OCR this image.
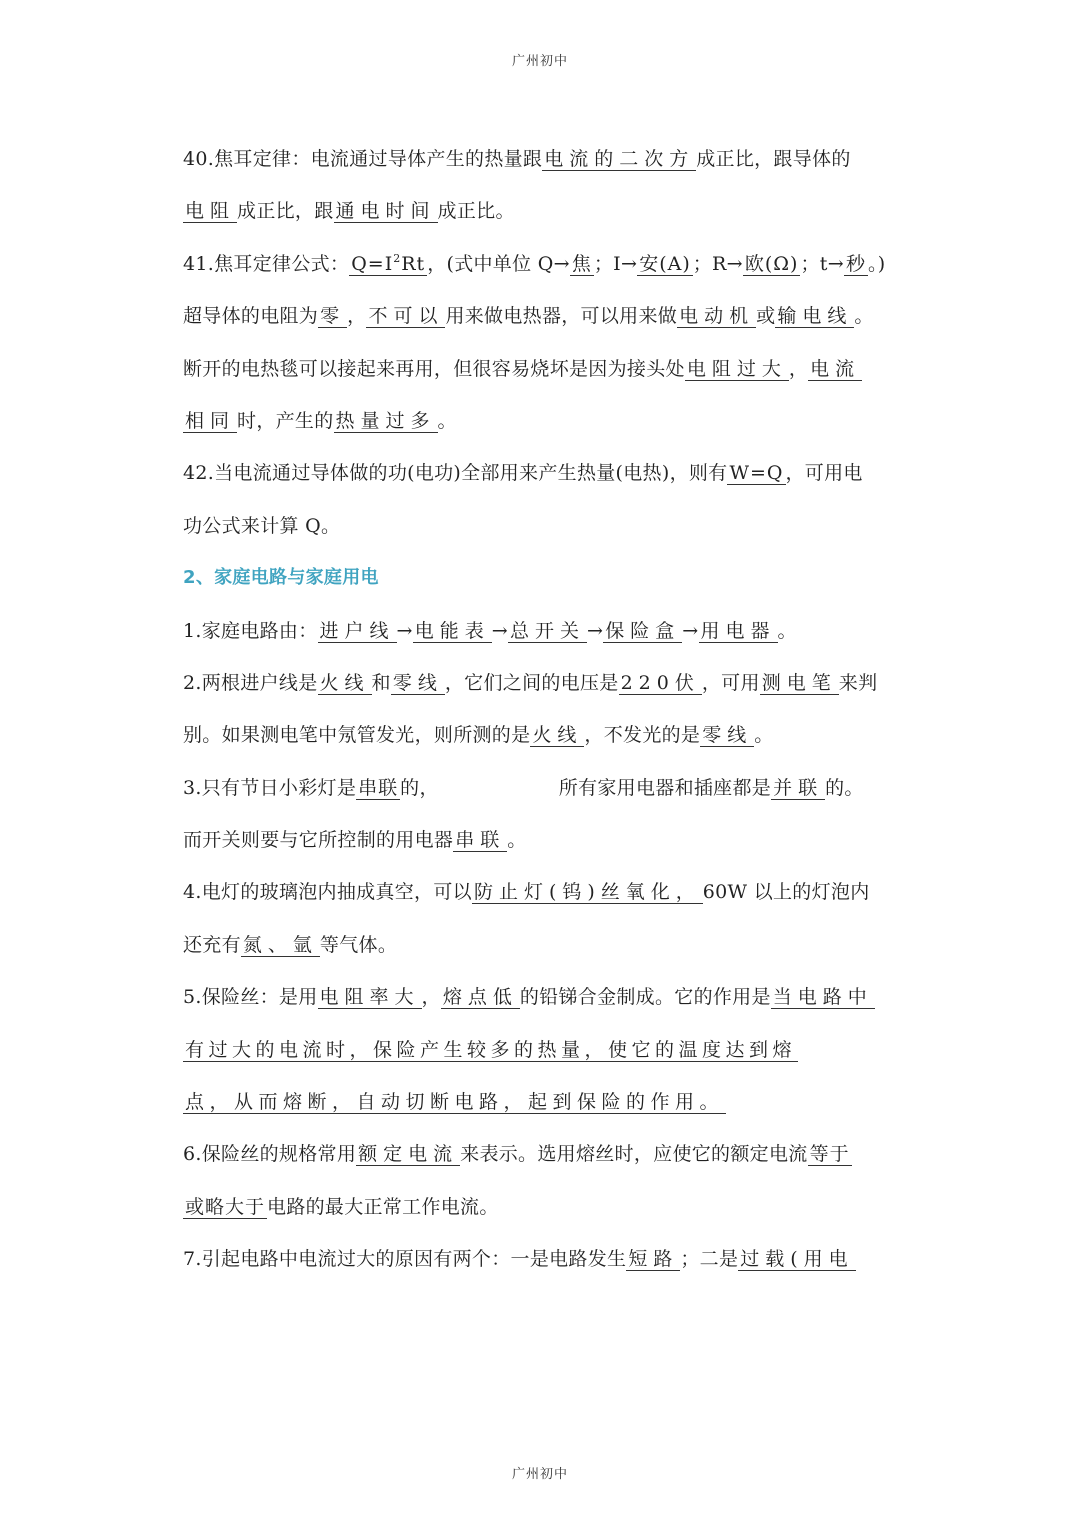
广州初中
40.焦耳定律：电流通过导体产生的热量跟 电流的二次方 成正比，跟导体的
电阻 成正比，跟 通电时间 成正比。
41.焦耳定律公式： $Q=I^2Rt$ ，(式中单位 Q→ 焦 ；I→ 安(A) ；R→ 欧(Ω) ；t→ 秒 。)
超导体的电阻为 零 ， 不可以 用来做电热器，可以用来做 电动机 或 输电线 。
断开的电热毯可以接起来再用，但很容易烧坏是因为接头处 电阻过大 ， 电流
相同 时，产生的 热量过多 。
42.当电流通过导体做的功(电功)全部用来产生热量(电热)，则有 W=Q ，可用电
功公式来计算 Q。
2、家庭电路与家庭用电
1.家庭电路由： 进户线 → 电能表 → 总开关 → 保险盒 → 用电器 。
2.两根进户线是 火线 和 零线 ，它们之间的电压是 220伏 ，可用 测电笔 来判
别。如果测电笔中氖管发光，则所测的是 火线 ，不发光的是 零线 。
3.只有节日小彩灯是 串联 的，	所有家用电器和插座都是 并联 的。
而开关则要与它所控制的用电器 串联 。
4.电灯的玻璃泡内抽成真空，可以 防止灯(钨)丝氧化， 60W 以上的灯泡内
还充有 氮、氩 等气体。
5.保险丝：是用 电阻率大 ， 熔点低 的铅锑合金制成。它的作用是 当电路中
有过大的电流时，保险产生较多的热量，使它的温度达到熔
点，从而熔断，自动切断电路，起到保险的作用。
6.保险丝的规格常用 额定电流 来表示。选用熔丝时，应使它的额定电流 等于
或略大于 电路的最大正常工作电流。
7.引起电路中电流过大的原因有两个：一是电路发生 短路 ；二是 过载(用电
广州初中
